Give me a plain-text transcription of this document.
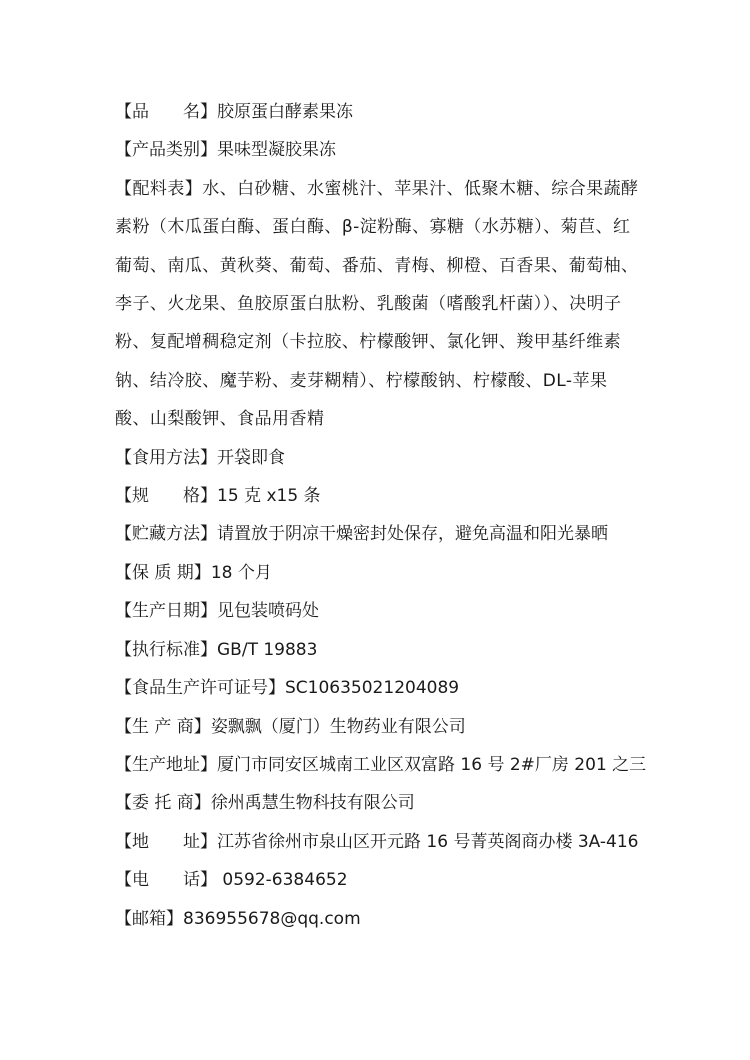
【品　　名】胶原蛋白酵素果冻
【产品类别】果味型凝胶果冻
【配料表】水、白砂糖、水蜜桃汁、苹果汁、低聚木糖、综合果蔬酵素粉（木瓜蛋白酶、蛋白酶、β-淀粉酶、寡糖（水苏糖）、菊苣、红葡萄、南瓜、黄秋葵、葡萄、番茄、青梅、柳橙、百香果、葡萄柚、李子、火龙果、鱼胶原蛋白肽粉、乳酸菌（嗜酸乳杆菌））、决明子粉、复配增稠稳定剂（卡拉胶、柠檬酸钾、氯化钾、羧甲基纤维素钠、结冷胶、魔芋粉、麦芽糊精）、柠檬酸钠、柠檬酸、DL-苹果酸、山梨酸钾、食品用香精
【食用方法】开袋即食
【规　　格】15 克 x15 条
【贮藏方法】请置放于阴凉干燥密封处保存，避免高温和阳光暴晒
【保 质 期】18 个月
【生产日期】见包装喷码处
【执行标准】GB/T 19883
【食品生产许可证号】SC10635021204089
【生 产 商】姿飘飘（厦门）生物药业有限公司
【生产地址】厦门市同安区城南工业区双富路 16 号 2#厂房 201 之三
【委 托 商】徐州禹慧生物科技有限公司
【地　　址】江苏省徐州市泉山区开元路 16 号菁英阁商办楼 3A-416
【电　　话】 0592-6384652
【邮箱】836955678@qq.com
